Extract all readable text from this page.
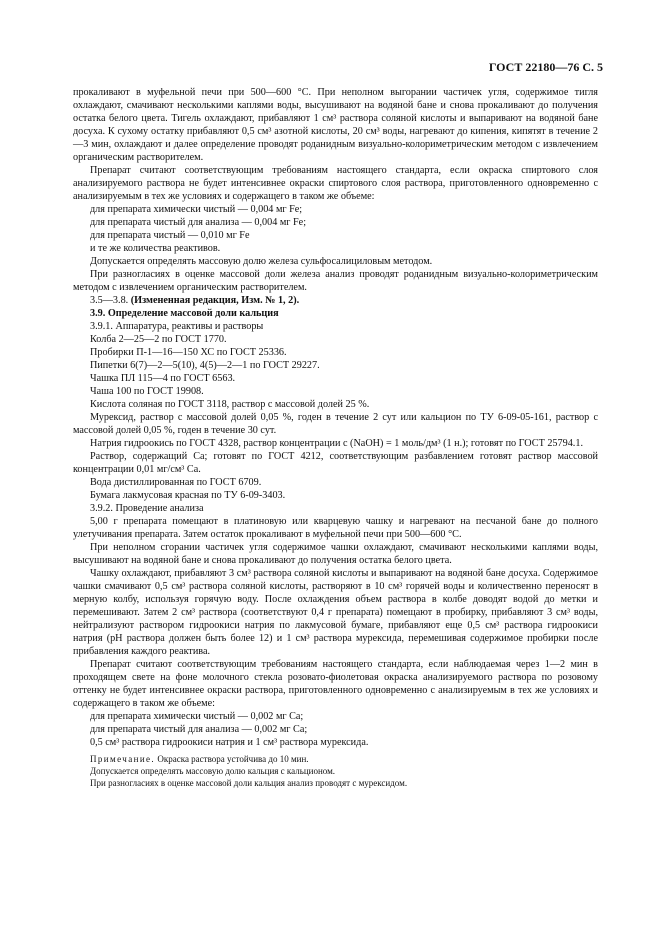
ГОСТ 22180—76 С. 5

прокаливают в муфельной печи при 500—600 °С. При неполном выгорании частичек угля, содержимое тигля охлаждают, смачивают несколькими каплями воды, высушивают на водяной бане и снова прокаливают до получения остатка белого цвета. Тигель охлаждают, прибавляют 1 см³ раствора соляной кислоты и выпаривают на водяной бане досуха. К сухому остатку прибавляют 0,5 см³ азотной кислоты, 20 см³ воды, нагревают до кипения, кипятят в течение 2—3 мин, охлаждают и далее определение проводят роданидным визуально-колориметрическим методом с извлечением органическим растворителем.

Препарат считают соответствующим требованиям настоящего стандарта, если окраска спиртового слоя анализируемого раствора не будет интенсивнее окраски спиртового слоя раствора, приготовленного одновременно с анализируемым в тех же условиях и содержащего в таком же объеме:

для препарата химически чистый — 0,004 мг Fe;

для препарата чистый для анализа — 0,004 мг Fe;

для препарата чистый — 0,010 мг Fe

и те же количества реактивов.

Допускается определять массовую долю железа сульфосалициловым методом.

При разногласиях в оценке массовой доли железа анализ проводят роданидным визуально-колориметрическим методом с извлечением органическим растворителем.

3.5—3.8. (Измененная редакция, Изм. № 1, 2).

3.9. Определение массовой доли кальция

3.9.1. Аппаратура, реактивы и растворы

Колба 2—25—2 по ГОСТ 1770.

Пробирки П-1—16—150 ХС по ГОСТ 25336.

Пипетки 6(7)—2—5(10), 4(5)—2—1 по ГОСТ 29227.

Чашка ПЛ 115—4 по ГОСТ 6563.

Чаша 100 по ГОСТ 19908.

Кислота соляная по ГОСТ 3118, раствор с массовой долей 25 %.

Мурексид, раствор с массовой долей 0,05 %, годен в течение 2 сут или кальцион по ТУ 6-09-05-161, раствор с массовой долей 0,05 %, годен в течение 30 сут.

Натрия гидроокись по ГОСТ 4328, раствор концентрации c (NaOH) = 1 моль/дм³ (1 н.); готовят по ГОСТ 25794.1.

Раствор, содержащий Са; готовят по ГОСТ 4212, соответствующим разбавлением готовят раствор массовой концентрации 0,01 мг/см³ Са.

Вода дистиллированная по ГОСТ 6709.

Бумага лакмусовая красная по ТУ 6-09-3403.

3.9.2. Проведение анализа

5,00 г препарата помещают в платиновую или кварцевую чашку и нагревают на песчаной бане до полного улетучивания препарата. Затем остаток прокаливают в муфельной печи при 500—600 °С.

При неполном сгорании частичек угля содержимое чашки охлаждают, смачивают несколькими каплями воды, высушивают на водяной бане и снова прокаливают до получения остатка белого цвета.

Чашку охлаждают, прибавляют 3 см³ раствора соляной кислоты и выпаривают на водяной бане досуха. Содержимое чашки смачивают 0,5 см³ раствора соляной кислоты, растворяют в 10 см³ горячей воды и количественно переносят в мерную колбу, используя горячую воду. После охлаждения объем раствора в колбе доводят водой до метки и перемешивают. Затем 2 см³ раствора (соответствуют 0,4 г препарата) помещают в пробирку, прибавляют 3 см³ воды, нейтрализуют раствором гидроокиси натрия по лакмусовой бумаге, прибавляют еще 0,5 см³ раствора гидроокиси натрия (рН раствора должен быть более 12) и 1 см³ раствора мурексида, перемешивая содержимое пробирки после прибавления каждого реактива.

Препарат считают соответствующим требованиям настоящего стандарта, если наблюдаемая через 1—2 мин в проходящем свете на фоне молочного стекла розовато-фиолетовая окраска анализируемого раствора по розовому оттенку не будет интенсивнее окраски раствора, приготовленного одновременно с анализируемым в тех же условиях и содержащего в таком же объеме:

для препарата химически чистый — 0,002 мг Са;

для препарата чистый для анализа — 0,002 мг Са;

0,5 см³ раствора гидроокиси натрия и 1 см³ раствора мурексида.

Примечание. Окраска раствора устойчива до 10 мин.

Допускается определять массовую долю кальция с кальционом.

При разногласиях в оценке массовой доли кальция анализ проводят с мурексидом.
